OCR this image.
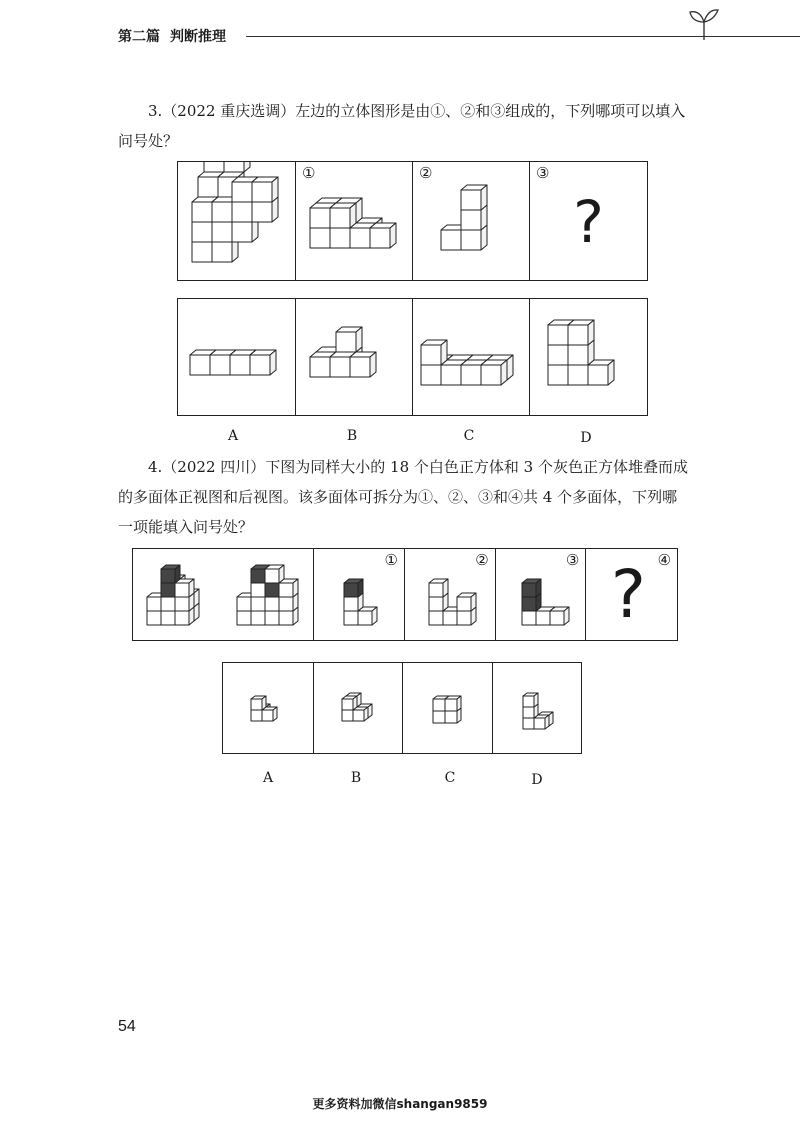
第二篇 判断推理

3.（2022 重庆选调）左边的立体图形是由①、②和③组成的，下列哪项可以填入

问号处？

①	②	③
?
A	B	C	D

4.（2022 四川）下图为同样大小的 18 个白色正方体和 3 个灰色正方体堆叠而成

的多面体正视图和后视图。该多面体可拆分为①、②、③和④共 4 个多面体，下列哪

一项能填入问号处？

①	②	③	④
?
A	B	C	D
54
更多资料加微信shangan9859
